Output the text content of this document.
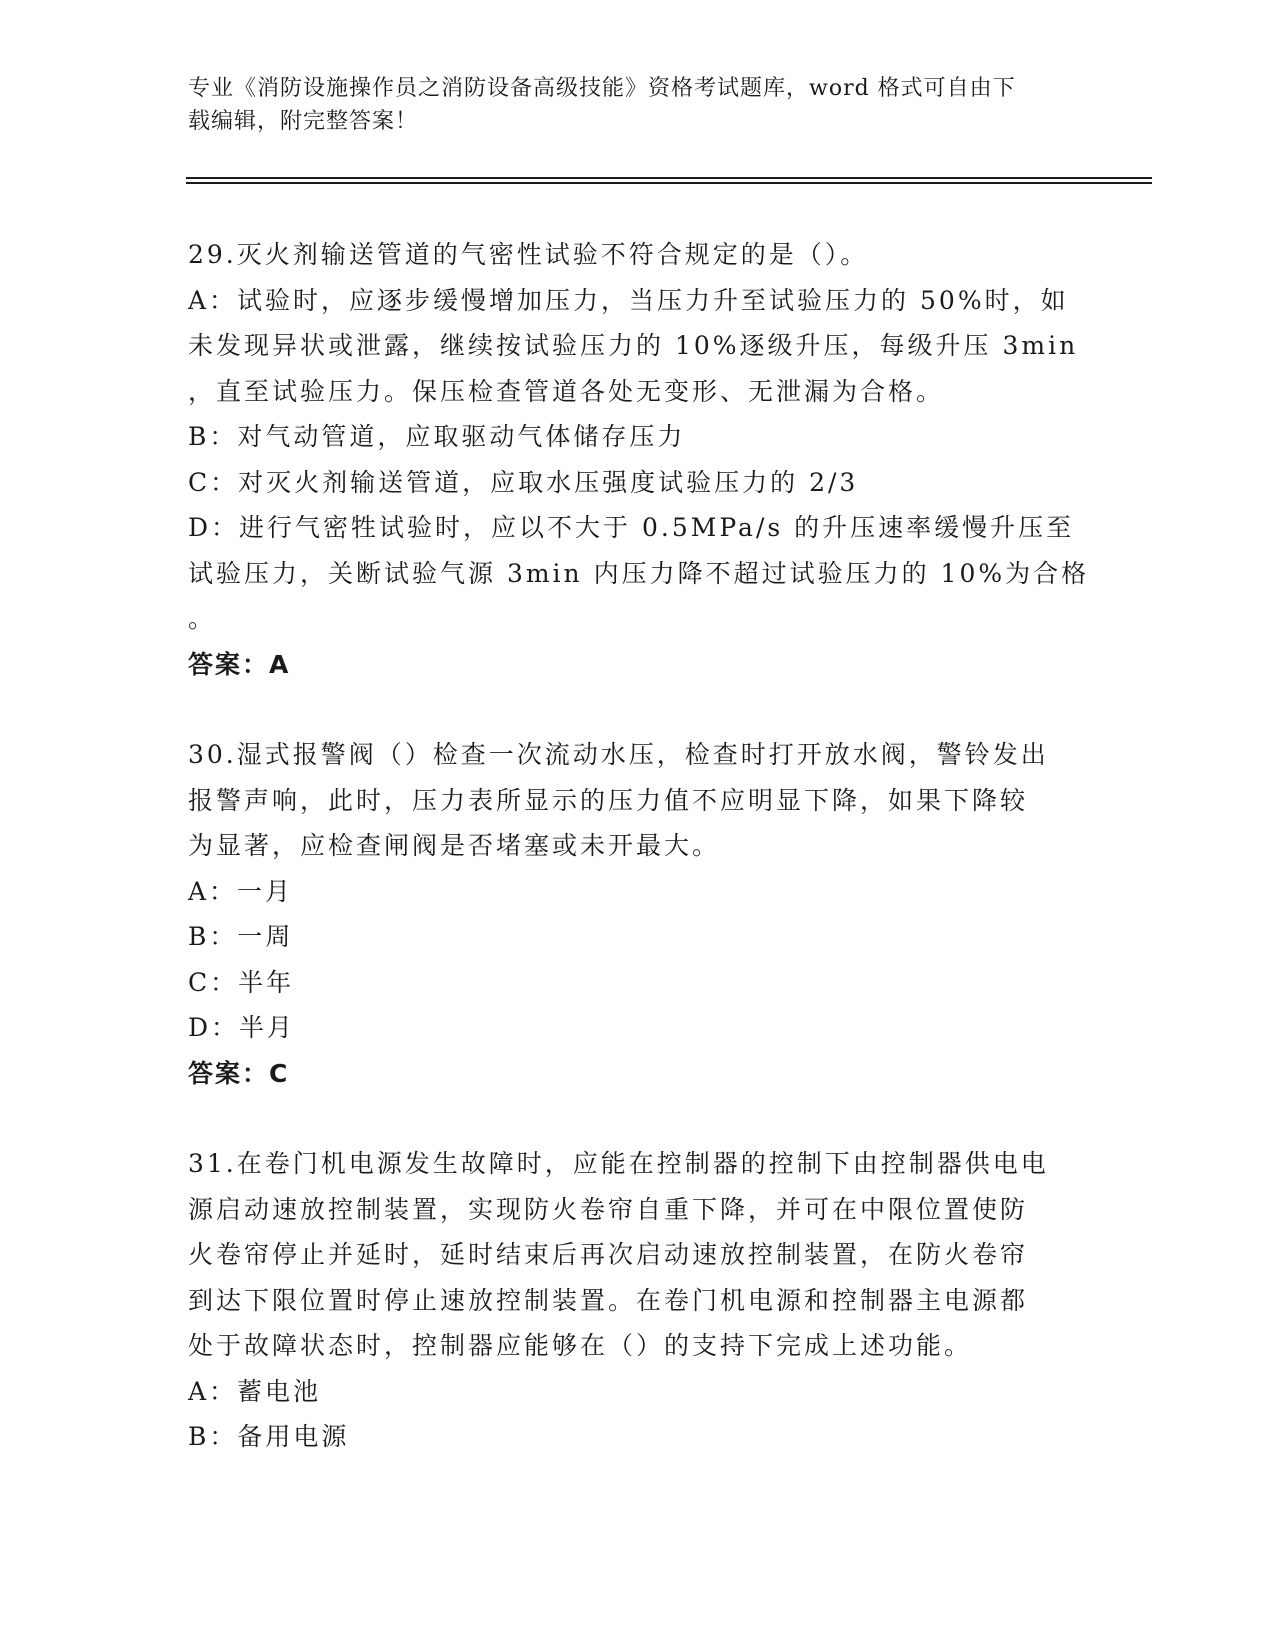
专业《消防设施操作员之消防设备高级技能》资格考试题库，word 格式可自由下
载编辑，附完整答案！
29.灭火剂输送管道的气密性试验不符合规定的是（）。
A：试验时，应逐步缓慢增加压力，当压力升至试验压力的 50%时，如
未发现异状或泄露，继续按试验压力的 10%逐级升压，每级升压 3min
，直至试验压力。保压检查管道各处无变形、无泄漏为合格。
B：对气动管道，应取驱动气体储存压力
C：对灭火剂输送管道，应取水压强度试验压力的 2/3
D：进行气密牲试验时，应以不大于 0.5MPa/s 的升压速率缓慢升压至
试验压力，关断试验气源 3min 内压力降不超过试验压力的 10%为合格
。
答案：A
30.湿式报警阀（）检查一次流动水压，检查时打开放水阀，警铃发出
报警声响，此时，压力表所显示的压力值不应明显下降，如果下降较
为显著，应检查闸阀是否堵塞或未开最大。
A：一月
B：一周
C：半年
D：半月
答案：C
31.在卷门机电源发生故障时，应能在控制器的控制下由控制器供电电
源启动速放控制装置，实现防火卷帘自重下降，并可在中限位置使防
火卷帘停止并延时，延时结束后再次启动速放控制装置，在防火卷帘
到达下限位置时停止速放控制装置。在卷门机电源和控制器主电源都
处于故障状态时，控制器应能够在（）的支持下完成上述功能。
A：蓄电池
B：备用电源
